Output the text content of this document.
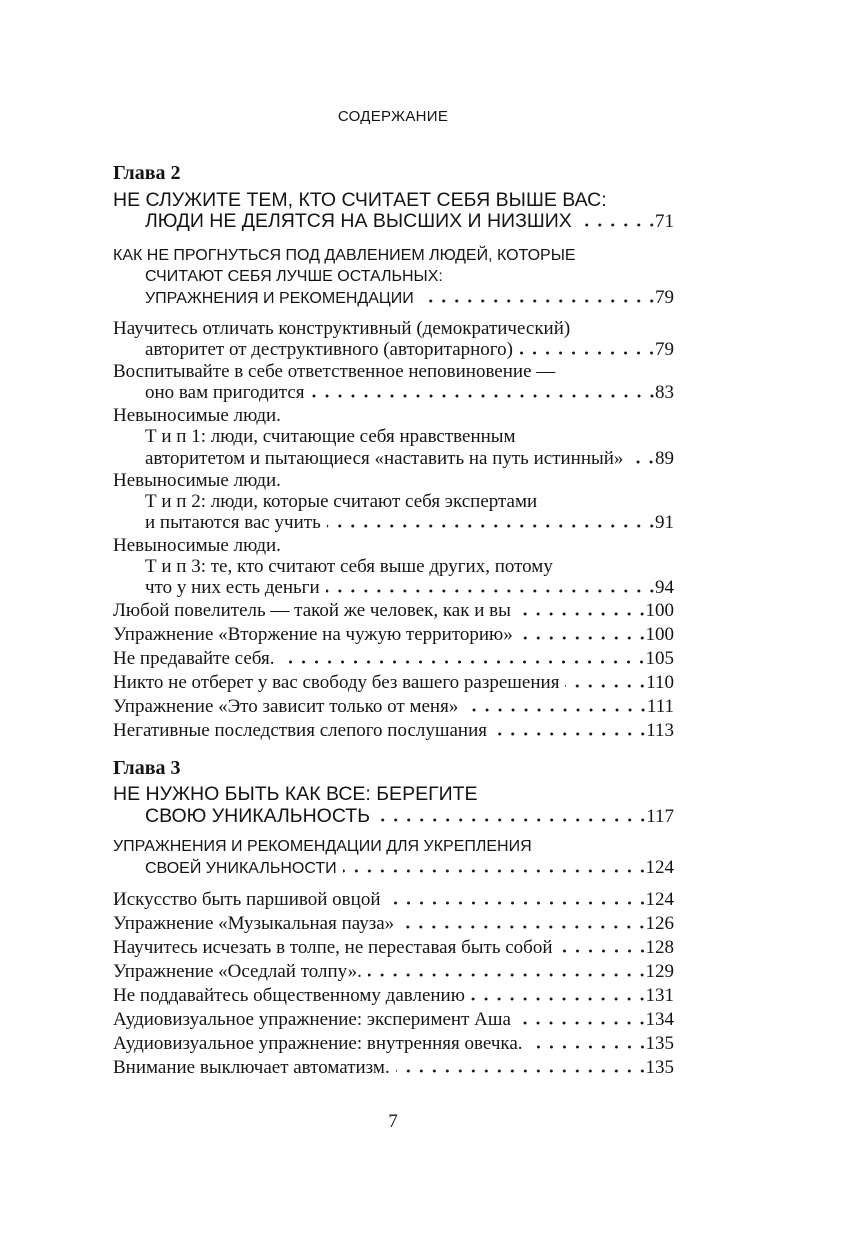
СОДЕРЖАНИЕ
Глава 2
НЕ СЛУЖИТЕ ТЕМ, КТО СЧИТАЕТ СЕБЯ ВЫШЕ ВАС:
ЛЮДИ НЕ ДЕЛЯТСЯ НА ВЫСШИХ И НИЗШИХ	71
КАК НЕ ПРОГНУТЬСЯ ПОД ДАВЛЕНИЕМ ЛЮДЕЙ, КОТОРЫЕ
СЧИТАЮТ СЕБЯ ЛУЧШЕ ОСТАЛЬНЫХ:
УПРАЖНЕНИЯ И РЕКОМЕНДАЦИИ	79
Научитесь отличать конструктивный (демократический)
авторитет от деструктивного (авторитарного)	79
Воспитывайте в себе ответственное неповиновение —
оно вам пригодится	83
Невыносимые люди.
Т и п 1: люди, считающие себя нравственным
авторитетом и пытающиеся «наставить на путь истинный» 89
Невыносимые люди.
Т и п 2: люди, которые считают себя экспертами
и пытаются вас учить	91
Невыносимые люди.
Т и п 3: те, кто считают себя выше других, потому
что у них есть деньги	94
Любой повелитель — такой же человек, как и вы	100
Упражнение «Вторжение на чужую территорию»	100
Не предавайте себя.	105
Никто не отберет у вас свободу без вашего разрешения	110
Упражнение «Это зависит только от меня»	111
Негативные последствия слепого послушания	113
Глава 3
НЕ НУЖНО БЫТЬ КАК ВСЕ: БЕРЕГИТЕ
СВОЮ УНИКАЛЬНОСТЬ	117
УПРАЖНЕНИЯ И РЕКОМЕНДАЦИИ ДЛЯ УКРЕПЛЕНИЯ
СВОЕЙ УНИКАЛЬНОСТИ	124
Искусство быть паршивой овцой	124
Упражнение «Музыкальная пауза»	126
Научитесь исчезать в толпе, не переставая быть собой	128
Упражнение «Оседлай толпу».	129
Не поддавайтесь общественному давлению	131
Аудиовизуальное упражнение: эксперимент Аша	134
Аудиовизуальное упражнение: внутренняя овечка.	135
Внимание выключает автоматизм.	135
7
